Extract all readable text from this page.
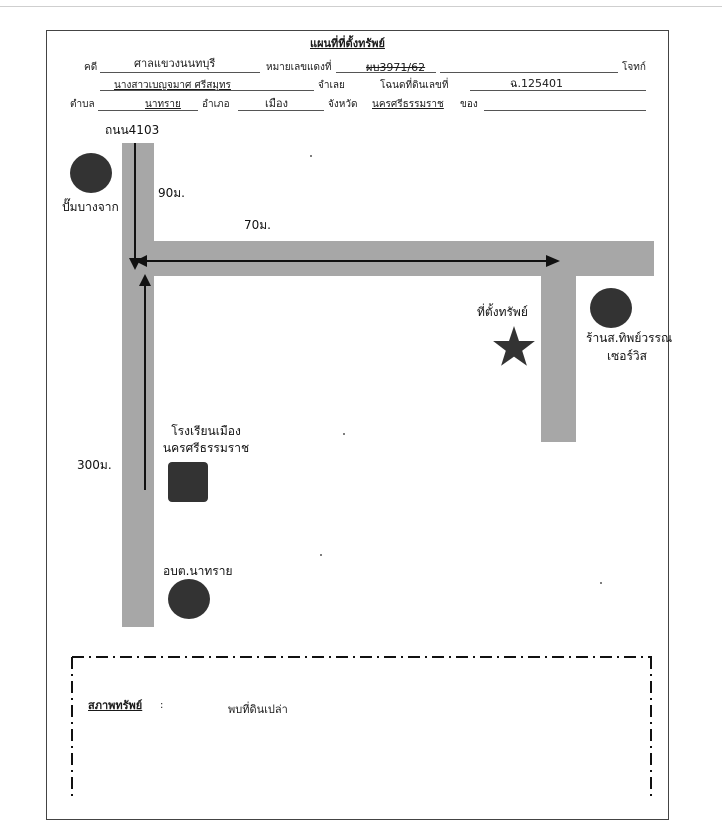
แผนที่ที่ตั้งทรัพย์
คดี	ศาลแขวงนนทบุรี	หมายเลขแดงที่	ผบ3971/62	โจทก์
นางสาวเบญจมาศ ศรีสมุทร	จำเลย	โฉนดที่ดินเลขที่	ฉ.125401
ตำบล	นาทราย อำเภอ	เมือง	จังหวัด นครศรีธรรมราช ของ
ถนน4103
90ม.
70ม.
300ม.
ปั๊มบางจาก
ที่ตั้งทรัพย์
ร้านส.ทิพย์วรรณ
เซอร์วิส
โรงเรียนเมือง
นครศรีธรรมราช
อบต.นาทราย
สภาพทรัพย์ :	พบที่ดินเปล่า
